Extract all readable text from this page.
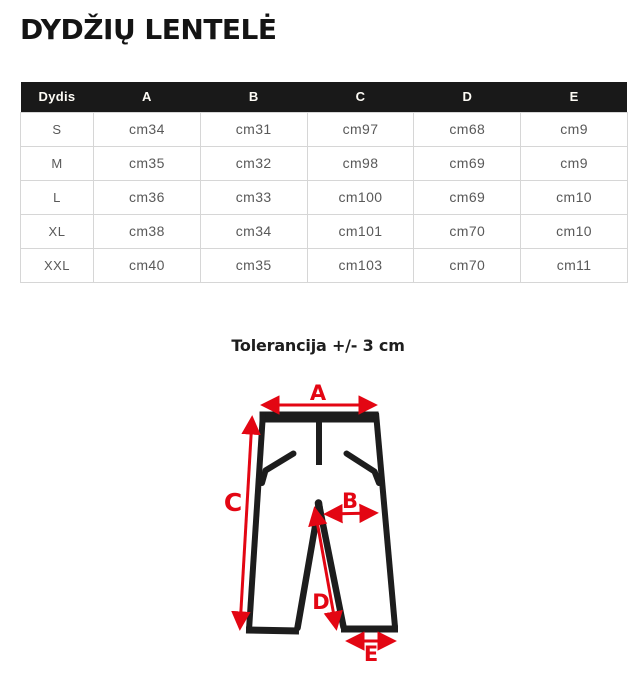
DYDŽIŲ LENTELĖ
Dydis	A	B	C	D	E
S	cm34	cm31	cm97	cm68	cm9
M	cm35	cm32	cm98	cm69	cm9
L	cm36	cm33	cm100	cm69	cm10
XL	cm38	cm34	cm101	cm70	cm10
XXL	cm40	cm35	cm103	cm70	cm11
Tolerancija +/- 3 cm
A
B
C
D
E
